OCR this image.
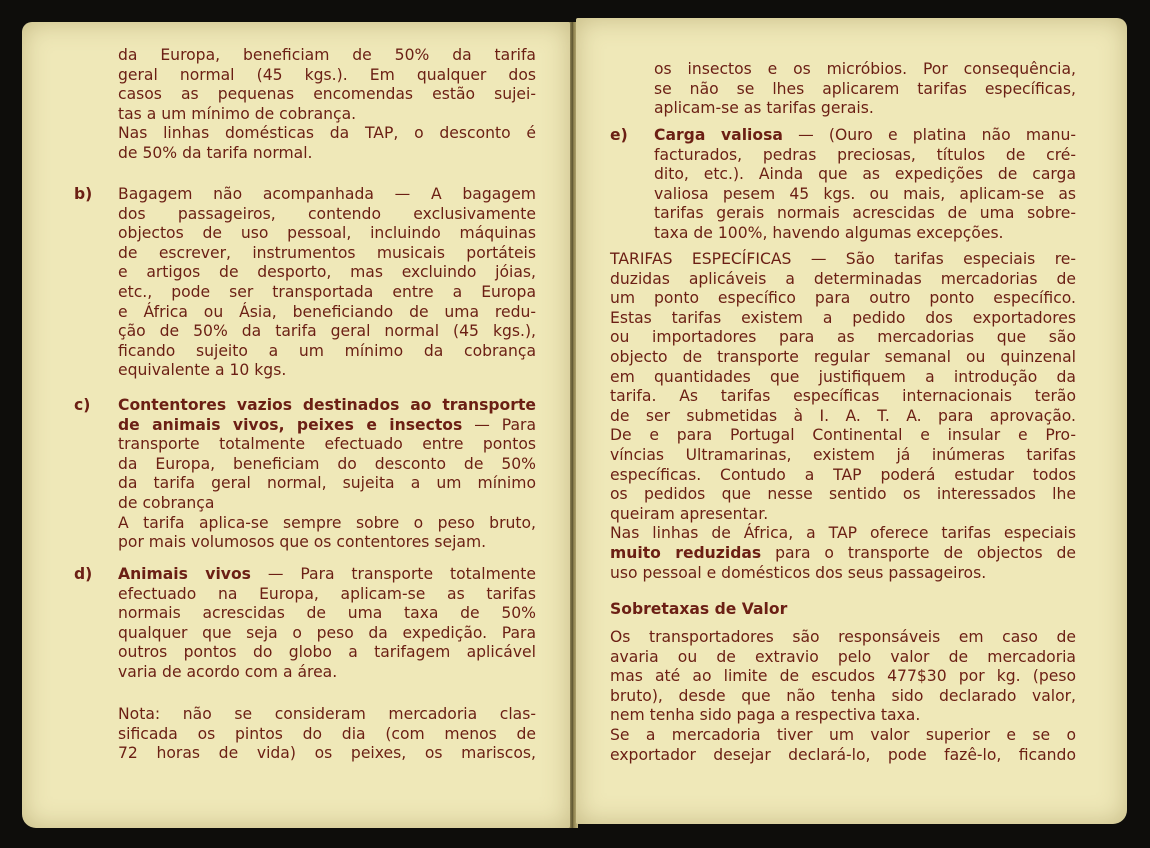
da Europa, beneficiam de 50% da tarifa

geral normal (45 kgs.). Em qualquer dos

casos as pequenas encomendas estão sujei-

tas a um mínimo de cobrança.

Nas linhas domésticas da TAP, o desconto é

de 50% da tarifa normal.

b) Bagagem não acompanhada — A bagagem

dos passageiros, contendo exclusivamente

objectos de uso pessoal, incluindo máquinas

de escrever, instrumentos musicais portáteis

e artigos de desporto, mas excluindo jóias,

etc., pode ser transportada entre a Europa

e África ou Ásia, beneficiando de uma redu-

ção de 50% da tarifa geral normal (45 kgs.),

ficando sujeito a um mínimo da cobrança

equivalente a 10 kgs.

c) Contentores vazios destinados ao transporte

de animais vivos, peixes e insectos — Para

transporte totalmente efectuado entre pontos

da Europa, beneficiam do desconto de 50%

da tarifa geral normal, sujeita a um mínimo

de cobrança

A tarifa aplica-se sempre sobre o peso bruto,

por mais volumosos que os contentores sejam.

d) Animais vivos — Para transporte totalmente

efectuado na Europa, aplicam-se as tarifas

normais acrescidas de uma taxa de 50%

qualquer que seja o peso da expedição. Para

outros pontos do globo a tarifagem aplicável

varia de acordo com a área.

Nota: não se consideram mercadoria clas-

sificada os pintos do dia (com menos de

72 horas de vida) os peixes, os mariscos,

os insectos e os micróbios. Por consequência,

se não se lhes aplicarem tarifas específicas,

aplicam-se as tarifas gerais.

e) Carga valiosa — (Ouro e platina não manu-

facturados, pedras preciosas, títulos de cré-

dito, etc.). Ainda que as expedições de carga

valiosa pesem 45 kgs. ou mais, aplicam-se as

tarifas gerais normais acrescidas de uma sobre-

taxa de 100%, havendo algumas excepções.

TARIFAS ESPECÍFICAS — São tarifas especiais re-

duzidas aplicáveis a determinadas mercadorias de

um ponto específico para outro ponto específico.

Estas tarifas existem a pedido dos exportadores

ou importadores para as mercadorias que são

objecto de transporte regular semanal ou quinzenal

em quantidades que justifiquem a introdução da

tarifa. As tarifas específicas internacionais terão

de ser submetidas à I. A. T. A. para aprovação.

De e para Portugal Continental e insular e Pro-

víncias Ultramarinas, existem já inúmeras tarifas

específicas. Contudo a TAP poderá estudar todos

os pedidos que nesse sentido os interessados lhe

queiram apresentar.

Nas linhas de África, a TAP oferece tarifas especiais

muito reduzidas para o transporte de objectos de

uso pessoal e domésticos dos seus passageiros.

Sobretaxas de Valor

Os transportadores são responsáveis em caso de

avaria ou de extravio pelo valor de mercadoria

mas até ao limite de escudos 477$30 por kg. (peso

bruto), desde que não tenha sido declarado valor,

nem tenha sido paga a respectiva taxa.

Se a mercadoria tiver um valor superior e se o

exportador desejar declará-lo, pode fazê-lo, ficando
